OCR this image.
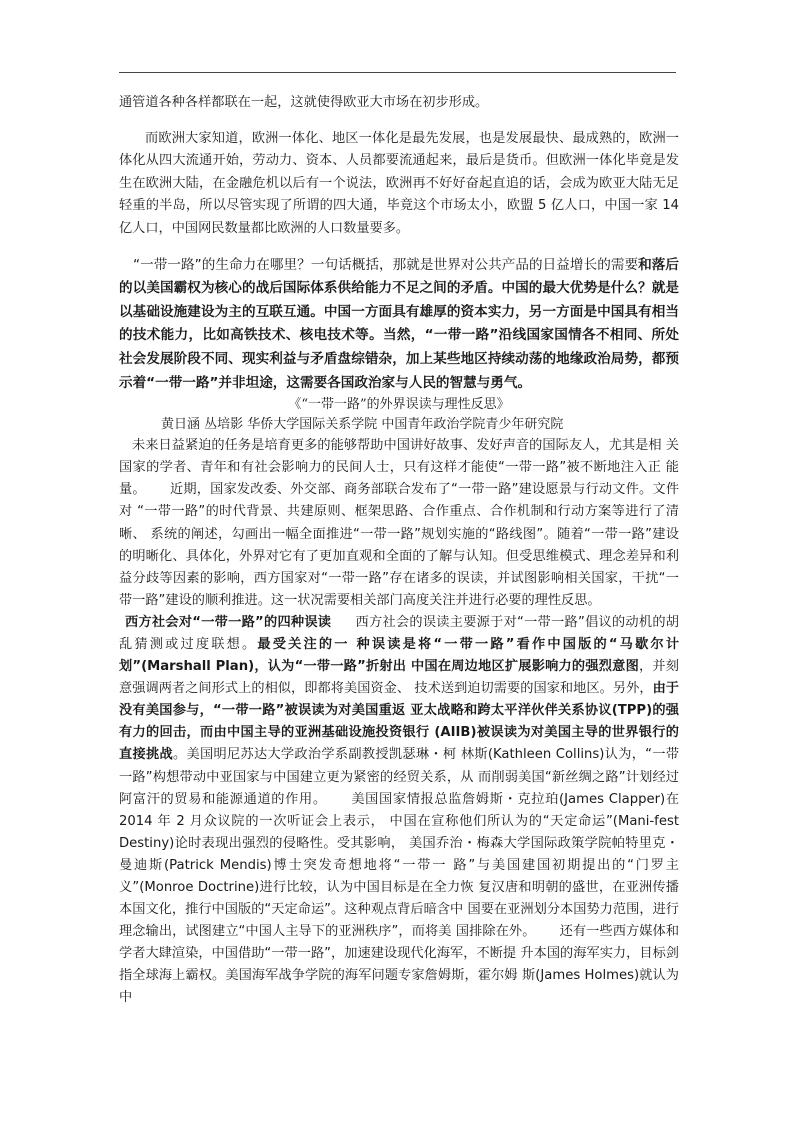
通管道各种各样都联在一起，这就使得欧亚大市场在初步形成。

而欧洲大家知道，欧洲一体化、地区一体化是最先发展，也是发展最快、最成熟的，欧洲一体化从四大流通开始，劳动力、资本、人员都要流通起来，最后是货币。但欧洲一体化毕竟是发生在欧洲大陆，在金融危机以后有一个说法，欧洲再不好好奋起直追的话，会成为欧亚大陆无足轻重的半岛，所以尽管实现了所谓的四大通，毕竟这个市场太小，欧盟 5 亿人口，中国一家 14 亿人口，中国网民数量都比欧洲的人口数量要多。

“一带一路”的生命力在哪里？一句话概括，那就是世界对公共产品的日益增长的需要和落后的以美国霸权为核心的战后国际体系供给能力不足之间的矛盾。中国的最大优势是什么？就是以基础设施建设为主的互联互通。中国一方面具有雄厚的资本实力，另一方面是中国具有相当的技术能力，比如高铁技术、核电技术等。当然，“一带一路”沿线国家国情各不相同、所处社会发展阶段不同、现实利益与矛盾盘综错杂，加上某些地区持续动荡的地缘政治局势，都预示着“一带一路”并非坦途，这需要各国政治家与人民的智慧与勇气。

《“一带一路”的外界误读与理性反思》

黄日涵 丛培影 华侨大学国际关系学院 中国青年政治学院青少年研究院

未来日益紧迫的任务是培育更多的能够帮助中国讲好故事、发好声音的国际友人，尤其是相 关国家的学者、青年和有社会影响力的民间人士，只有这样才能使“一带一路”被不断地注入正 能量。 近期，国家发改委、外交部、商务部联合发布了“一带一路”建设愿景与行动文件。文件对 “一带一路”的时代背景、共建原则、框架思路、合作重点、合作机制和行动方案等进行了清晰、 系统的阐述，勾画出一幅全面推进“一带一路”规划实施的“路线图”。随着“一带一路”建设 的明晰化、具体化，外界对它有了更加直观和全面的了解与认知。但受思维模式、理念差异和利 益分歧等因素的影响，西方国家对“一带一路”存在诸多的误读，并试图影响相关国家，干扰“一 带一路”建设的顺利推进。这一状况需要相关部门高度关注并进行必要的理性反思。

西方社会对“一带一路”的四种误读 西方社会的误读主要源于对“一带一路”倡议的动机的胡乱猜测或过度联想。最受关注的一 种误读是将“一带一路”看作中国版的“马歇尔计划”(Marshall Plan)，认为“一带一路”折射出 中国在周边地区扩展影响力的强烈意图，并刻意强调两者之间形式上的相似，即都将美国资金、 技术送到迫切需要的国家和地区。另外，由于没有美国参与，“一带一路”被误读为对美国重返 亚太战略和跨太平洋伙伴关系协议(TPP)的强有力的回击，而由中国主导的亚洲基础设施投资银行 (AIIB)被误读为对美国主导的世界银行的直接挑战。美国明尼苏达大学政治学系副教授凯瑟琳・柯 林斯(Kathleen Collins)认为，“一带一路”构想带动中亚国家与中国建立更为紧密的经贸关系，从 而削弱美国“新丝绸之路”计划经过阿富汗的贸易和能源通道的作用。 美国国家情报总监詹姆斯・克拉珀(James Clapper)在 2014 年 2 月众议院的一次听证会上表示， 中国在宣称他们所认为的“天定命运”(Mani-fest Destiny)论时表现出强烈的侵略性。受其影响， 美国乔治・梅森大学国际政策学院帕特里克・曼迪斯(Patrick Mendis)博士突发奇想地将“一带一 路”与美国建国初期提出的“门罗主义”(Monroe Doctrine)进行比较，认为中国目标是在全力恢 复汉唐和明朝的盛世，在亚洲传播本国文化，推行中国版的“天定命运”。这种观点背后暗含中 国要在亚洲划分本国势力范围，进行理念输出，试图建立“中国人主导下的亚洲秩序”，而将美 国排除在外。 还有一些西方媒体和学者大肆渲染，中国借助“一带一路”，加速建设现代化海军，不断提 升本国的海军实力，目标剑指全球海上霸权。美国海军战争学院的海军问题专家詹姆斯，霍尔姆 斯(James Holmes)就认为中
